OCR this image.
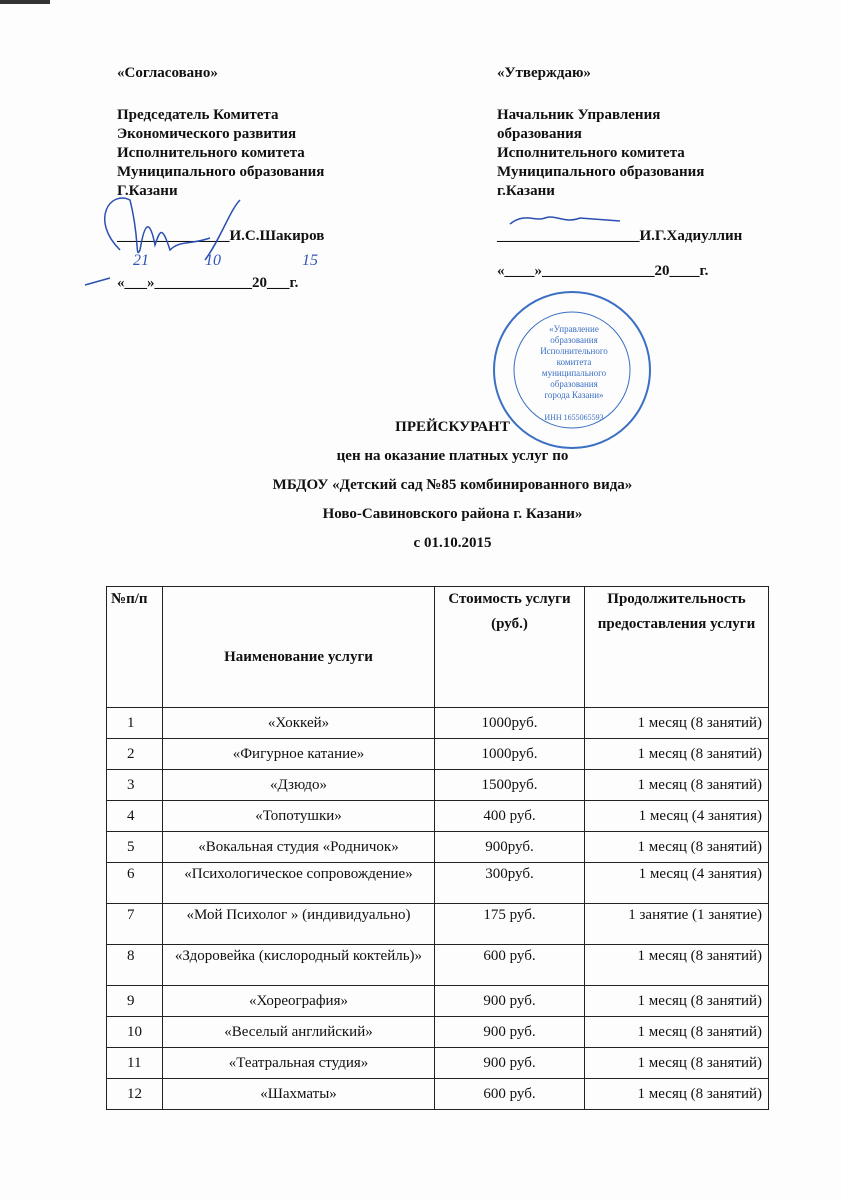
«Согласовано»
Председатель Комитета
Экономического развития
Исполнительного комитета
Муниципального образования
Г.Казани
_______________И.С.Шакиров
21	10	15
«___»_____________20___г.
«Утверждаю»
Начальник Управления
образования
Исполнительного комитета
Муниципального образования
г.Казани
___________________И.Г.Хадиуллин
«____»_______________20____г.
«Управление
образования
Исполнительного
комитета
муниципального
образования
города Казани»
ИНН 1655065593
ПРЕЙСКУРАНТ
цен на оказание платных услуг по
МБДОУ «Детский сад №85 комбинированного вида»
Ново-Савиновского района г. Казани»
с 01.10.2015
№п/п	Наименование услуги	Стоимость услуги (руб.)	Продолжительность предоставления услуги
1	«Хоккей»	1000руб.	1 месяц (8 занятий)
2	«Фигурное катание»	1000руб.	1 месяц (8 занятий)
3	«Дзюдо»	1500руб.	1 месяц (8 занятий)
4	«Топотушки»	400 руб.	1 месяц (4 занятия)
5	«Вокальная студия «Родничок»	900руб.	1 месяц (8 занятий)
6	«Психологическое сопровождение»	300руб.	1 месяц (4 занятия)
7	«Мой Психолог » (индивидуально)	175 руб.	1 занятие (1 занятие)
8	«Здоровейка (кислородный коктейль)»	600 руб.	1 месяц (8 занятий)
9	«Хореография»	900 руб.	1 месяц (8 занятий)
10	«Веселый английский»	900 руб.	1 месяц (8 занятий)
11	«Театральная студия»	900 руб.	1 месяц (8 занятий)
12	«Шахматы»	600 руб.	1 месяц (8 занятий)
